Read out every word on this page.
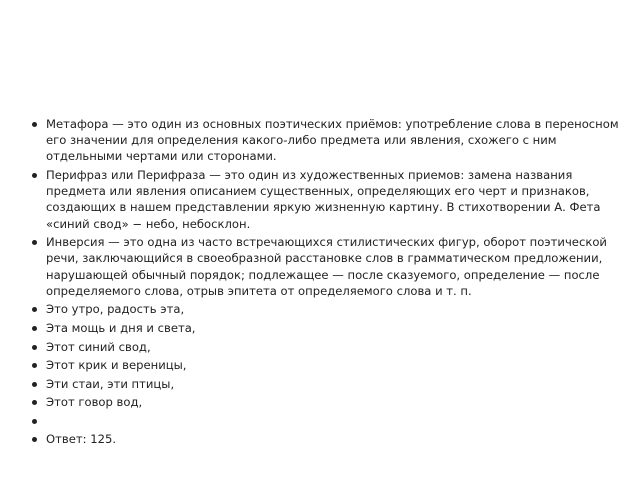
Метафора — это один из основных поэтических приёмов: употребление слова в переносном его значении для определения какого-либо предмета или явления, схожего с ним отдельными чертами или сторонами.
Перифраз или Перифраза — это один из художественных приемов: замена названия предмета или явления описанием существенных, определяющих его черт и признаков, создающих в нашем представлении яркую жизненную картину. В стихотворении А. Фета «синий свод» − небо, небосклон.
Инверсия — это одна из часто встречающихся стилистических фигур, оборот поэтической речи, заключающийся в своеобразной расстановке слов в грамматическом предложении, нарушающей обычный порядок; подлежащее — после сказуемого, определение — после определяемого слова, отрыв эпитета от определяемого слова и т. п.
Это утро, радость эта,
Эта мощь и дня и света,
Этот синий свод,
Этот крик и вереницы,
Эти стаи, эти птицы,
Этот говор вод,
Ответ: 125.
